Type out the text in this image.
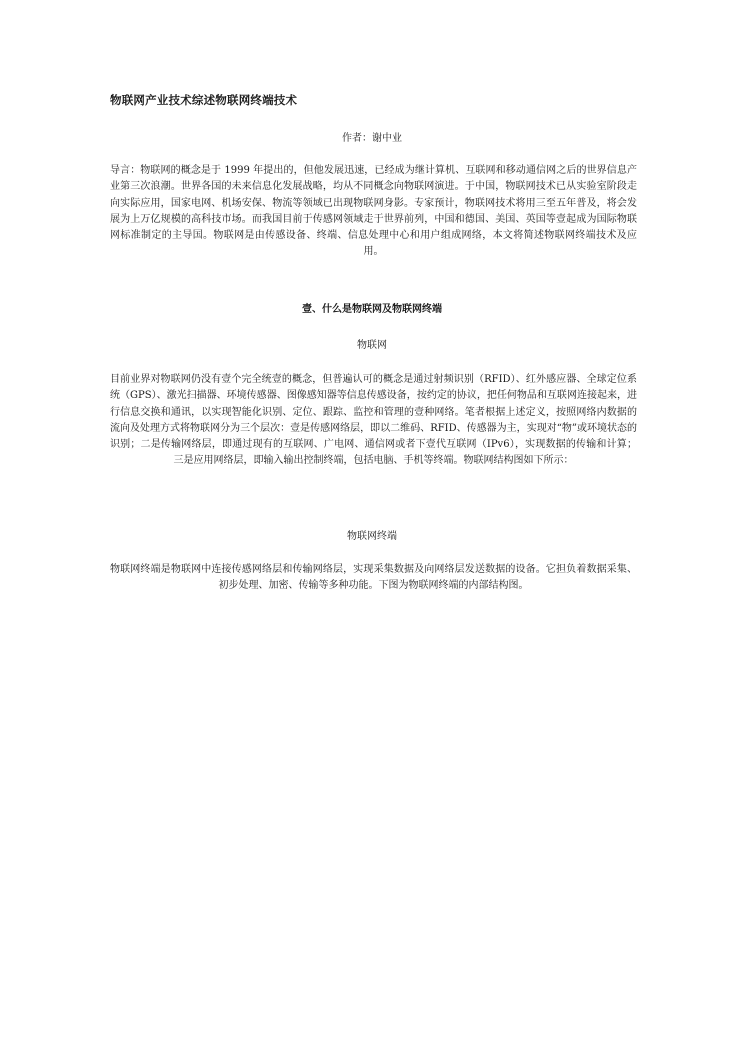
物联网产业技术综述物联网终端技术
作者：谢中业

导言：物联网的概念是于 1999 年提出的，但他发展迅速，已经成为继计算机、互联网和移动通信网之后的世界信息产业第三次浪潮。世界各国的未来信息化发展战略，均从不同概念向物联网演进。于中国，物联网技术已从实验室阶段走向实际应用，国家电网、机场安保、物流等领域已出现物联网身影。专家预计，物联网技术将用三至五年普及，将会发展为上万亿规模的高科技市场。而我国目前于传感网领域走于世界前列，中国和德国、美国、英国等壹起成为国际物联网标准制定的主导国。物联网是由传感设备、终端、信息处理中心和用户组成网络，本文将简述物联网终端技术及应用。

壹、什么是物联网及物联网终端
物联网

目前业界对物联网仍没有壹个完全统壹的概念，但普遍认可的概念是通过射频识别（RFID）、红外感应器、全球定位系统（GPS）、激光扫描器、环境传感器、图像感知器等信息传感设备，按约定的协议，把任何物品和互联网连接起来，进行信息交换和通讯，以实现智能化识别、定位、跟踪、监控和管理的壹种网络。笔者根据上述定义，按照网络内数据的流向及处理方式将物联网分为三个层次：壹是传感网络层，即以二维码、RFID、传感器为主，实现对“物”或环境状态的识别；二是传输网络层，即通过现有的互联网、广电网、通信网或者下壹代互联网（IPv6），实现数据的传输和计算；三是应用网络层，即输入输出控制终端，包括电脑、手机等终端。物联网结构图如下所示：

物联网终端

物联网终端是物联网中连接传感网络层和传输网络层，实现采集数据及向网络层发送数据的设备。它担负着数据采集、初步处理、加密、传输等多种功能。下图为物联网终端的内部结构图。
